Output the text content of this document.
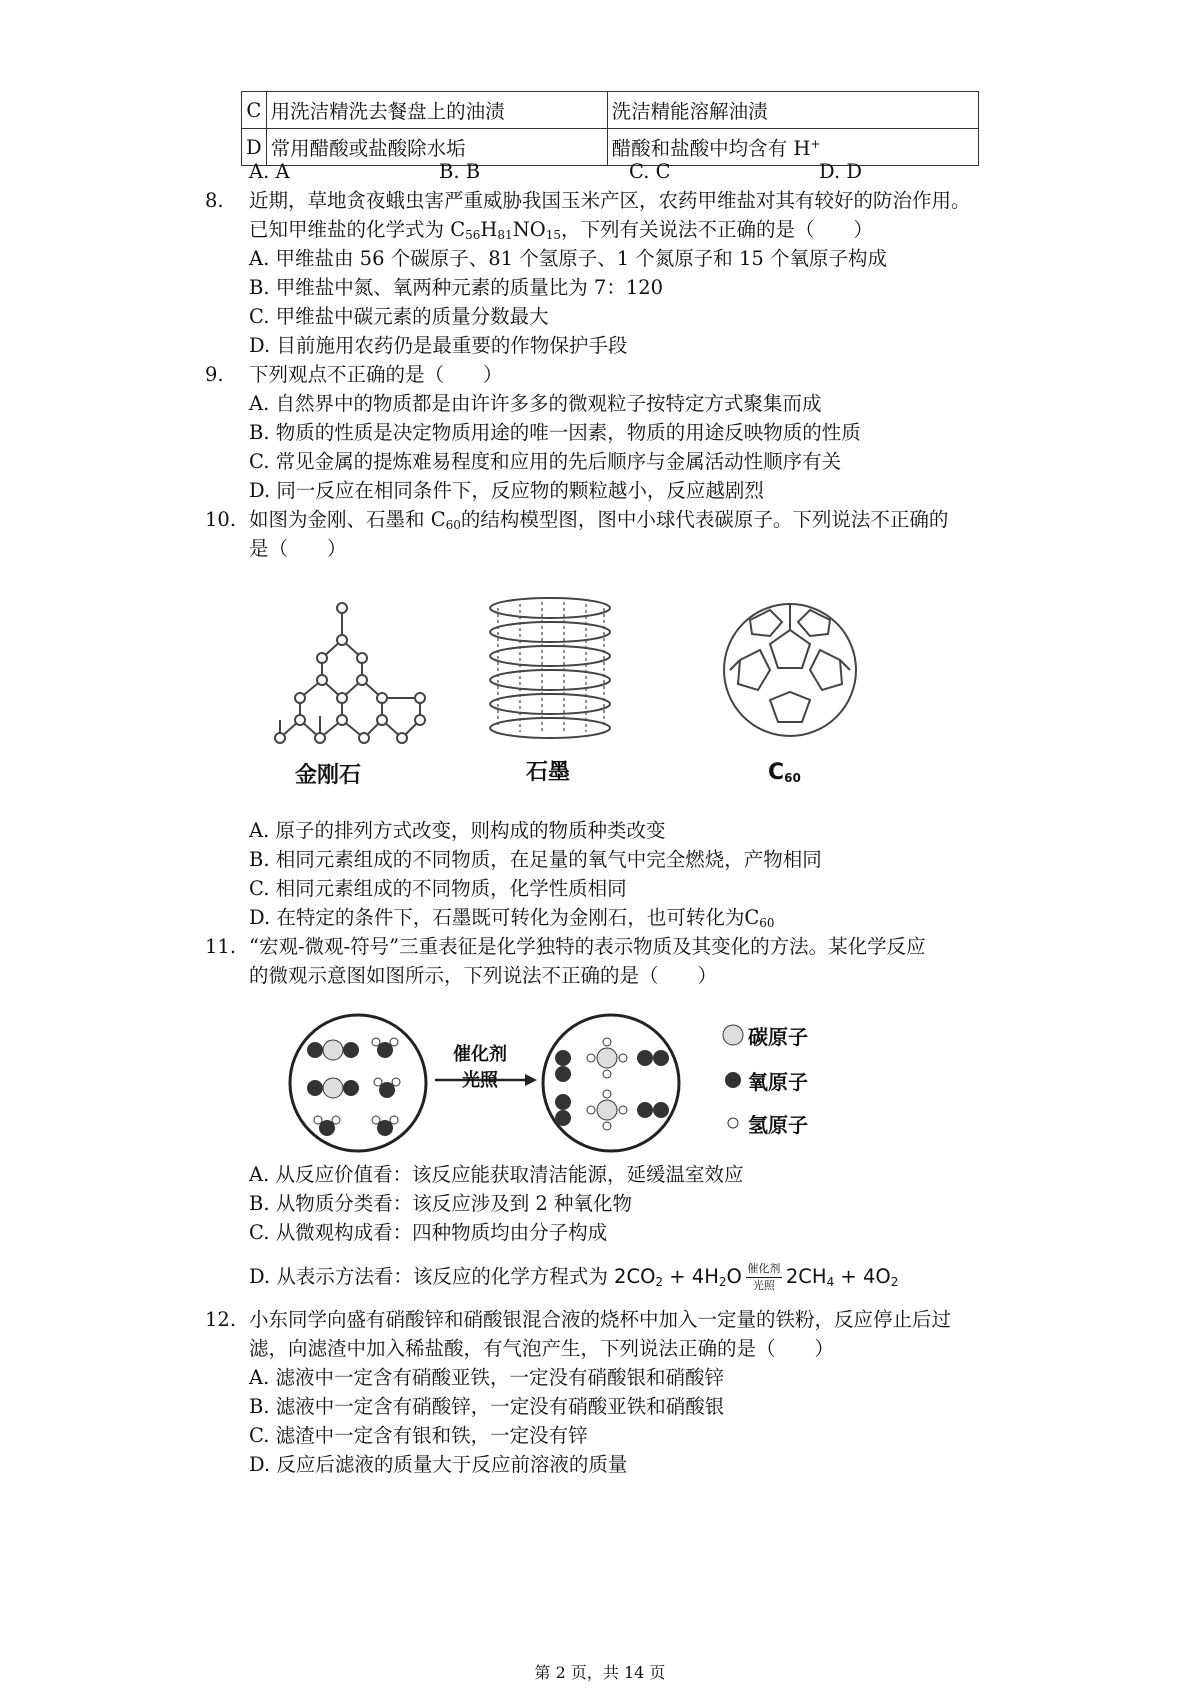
C	用洗洁精洗去餐盘上的油渍	洗洁精能溶解油渍
D	常用醋酸或盐酸除水垢	醋酸和盐酸中均含有 H+
A. A	B. B	C. C	D. D
8.	近期，草地贪夜蛾虫害严重威胁我国玉米产区，农药甲维盐对其有较好的防治作用。
已知甲维盐的化学式为 $C_{56}H_{81}NO_{15}$，下列有关说法不正确的是（　　）
A. 甲维盐由 56 个碳原子、81 个氢原子、1 个氮原子和 15 个氧原子构成
B. 甲维盐中氮、氧两种元素的质量比为 7：120
C. 甲维盐中碳元素的质量分数最大
D. 目前施用农药仍是最重要的作物保护手段
9.	下列观点不正确的是（　　）
A. 自然界中的物质都是由许许多多的微观粒子按特定方式聚集而成
B. 物质的性质是决定物质用途的唯一因素，物质的用途反映物质的性质
C. 常见金属的提炼难易程度和应用的先后顺序与金属活动性顺序有关
D. 同一反应在相同条件下，反应物的颗粒越小，反应越剧烈
10. 如图为金刚、石墨和 $C_{60}$的结构模型图，图中小球代表碳原子。下列说法不正确的
是（　　）
金刚石	石墨	$C_{60}$
A. 原子的排列方式改变，则构成的物质种类改变
B. 相同元素组成的不同物质，在足量的氧气中完全燃烧，产物相同
C. 相同元素组成的不同物质，化学性质相同
D. 在特定的条件下，石墨既可转化为金刚石，也可转化为$C_{60}$
11. “宏观-微观-符号”三重表征是化学独特的表示物质及其变化的方法。某化学反应
的微观示意图如图所示，下列说法不正确的是（　　）
催化剂
光照
碳原子
氧原子
氢原子
A. 从反应价值看：该反应能获取清洁能源，延缓温室效应
B. 从物质分类看：该反应涉及到 2 种氧化物
C. 从微观构成看：四种物质均由分子构成
D. 从表示方法看：该反应的化学方程式为 $2CO_2 + 4H_2O$ 催化剂
光照 $2CH_4 + 4O_2$
12. 小东同学向盛有硝酸锌和硝酸银混合液的烧杯中加入一定量的铁粉，反应停止后过
滤，向滤渣中加入稀盐酸，有气泡产生，下列说法正确的是（　　）
A. 滤液中一定含有硝酸亚铁，一定没有硝酸银和硝酸锌
B. 滤液中一定含有硝酸锌，一定没有硝酸亚铁和硝酸银
C. 滤渣中一定含有银和铁，一定没有锌
D. 反应后滤液的质量大于反应前溶液的质量
第 2 页，共 14 页
